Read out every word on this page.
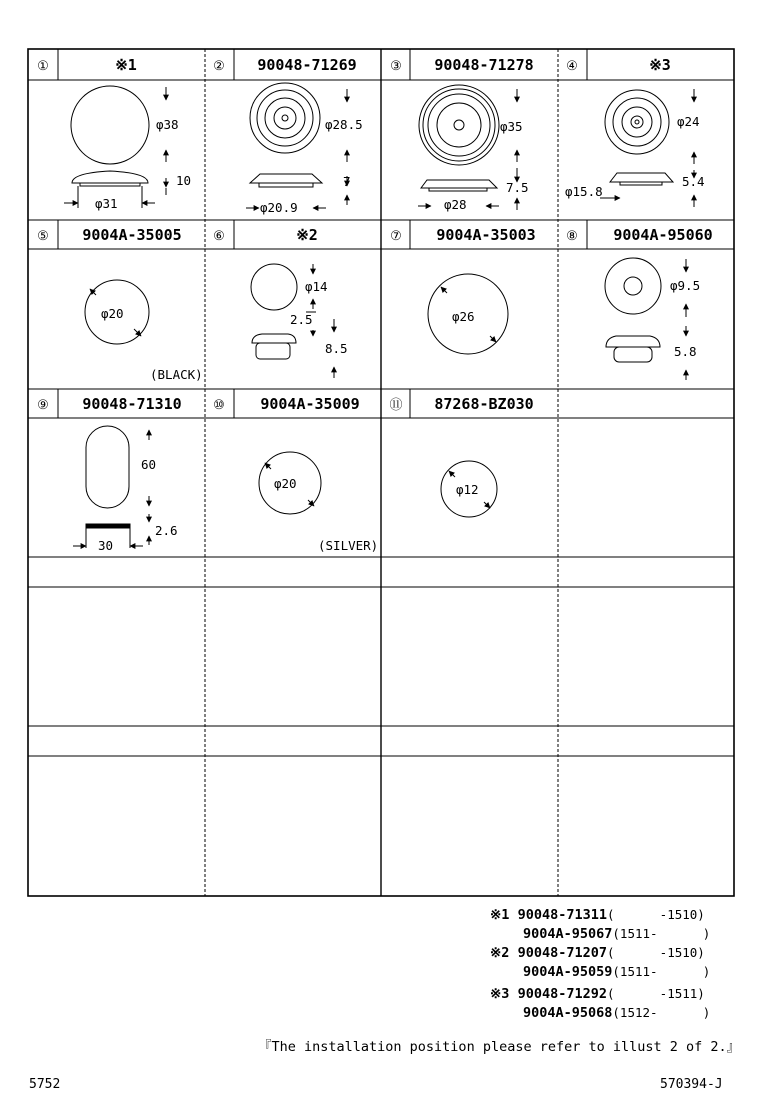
①	※1	② 90048-71269	③ 90048-71278	④	※3
⑤ 9004A-35005 ⑥	※2	⑦ 9004A-35003 ⑧ 9004A-95060
⑨ 90048-71310 ⑩ 9004A-35009 ⑪ 87268-BZ030
φ38
10
φ31
φ28.5
7
φ20.9
φ35
7.5
φ28
φ24
5.4
φ15.8
φ20
(BLACK)
φ14
2.5
8.5
φ26
φ9.5
5.8
60
2.6
30
φ20
(SILVER)
φ12
※1 90048-71311(      -1510)
9004A-95067(1511-      )
※2 90048-71207(      -1510)
9004A-95059(1511-      )
※3 90048-71292(      -1511)
9004A-95068(1512-      )
『The installation position please refer to illust 2 of 2.』
5752	570394-J
